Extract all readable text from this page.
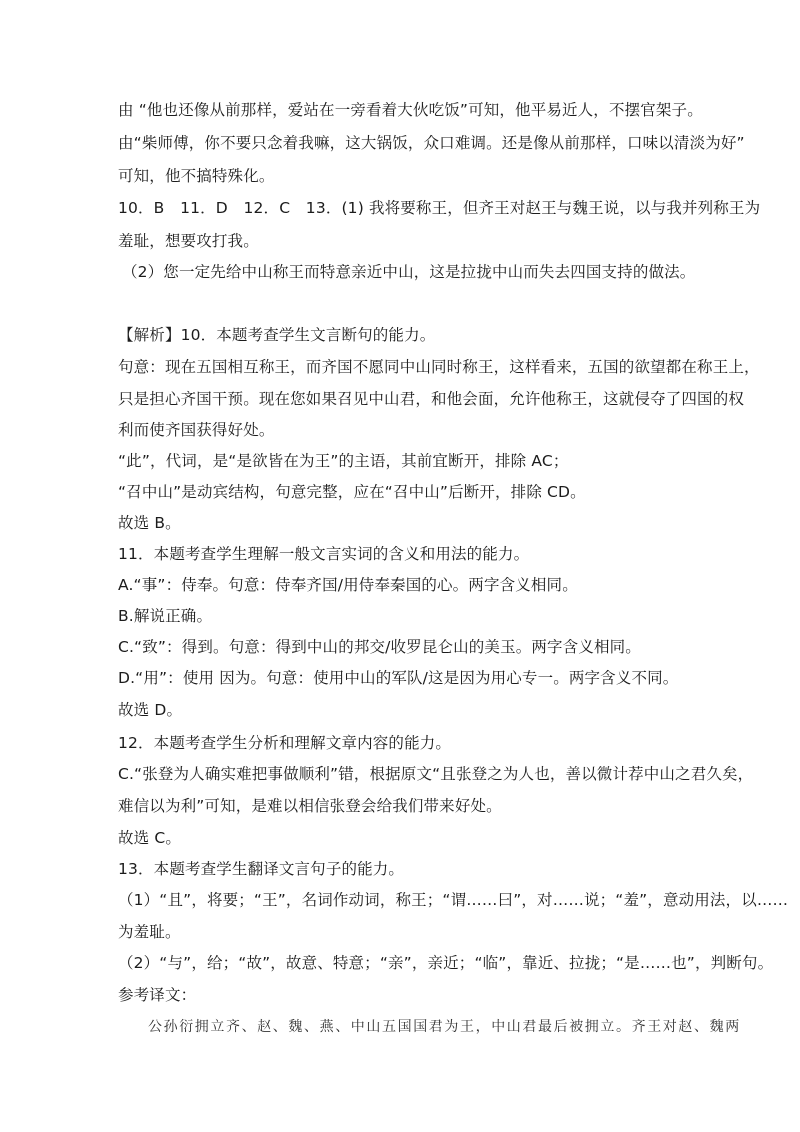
由 “他也还像从前那样，爱站在一旁看着大伙吃饭”可知，他平易近人，不摆官架子。
由“柴师傅，你不要只念着我嘛，这大锅饭，众口难调。还是像从前那样，口味以清淡为好”
可知，他不搞特殊化。
10．B　11．D　12．C　13．(1) 我将要称王，但齐王对赵王与魏王说，以与我并列称王为
羞耻，想要攻打我。
（2）您一定先给中山称王而特意亲近中山，这是拉拢中山而失去四国支持的做法。
【解析】10．本题考查学生文言断句的能力。
句意：现在五国相互称王，而齐国不愿同中山同时称王，这样看来，五国的欲望都在称王上，
只是担心齐国干预。现在您如果召见中山君，和他会面，允许他称王，这就侵夺了四国的权
利而使齐国获得好处。
“此”，代词，是“是欲皆在为王”的主语，其前宜断开，排除 AC；
“召中山”是动宾结构，句意完整，应在“召中山”后断开，排除 CD。
故选 B。
11．本题考查学生理解一般文言实词的含义和用法的能力。
A.“事”：侍奉。句意：侍奉齐国/用侍奉秦国的心。两字含义相同。
B.解说正确。
C.“致”：得到。句意：得到中山的邦交/收罗昆仑山的美玉。两字含义相同。
D.“用”：使用 因为。句意：使用中山的军队/这是因为用心专一。两字含义不同。
故选 D。
12．本题考查学生分析和理解文章内容的能力。
C.“张登为人确实难把事做顺利”错，根据原文“且张登之为人也，善以微计荐中山之君久矣，
难信以为利”可知，是难以相信张登会给我们带来好处。
故选 C。
13．本题考查学生翻译文言句子的能力。
（1）“且”，将要；“王”，名词作动词，称王；“谓……曰”，对……说；“羞”，意动用法，以……
为羞耻。
（2）“与”，给；“故”，故意、特意；“亲”，亲近；“临”，靠近、拉拢；“是……也”，判断句。
参考译文：
公孙衍拥立齐、赵、魏、燕、中山五国国君为王，中山君最后被拥立。齐王对赵、魏两
